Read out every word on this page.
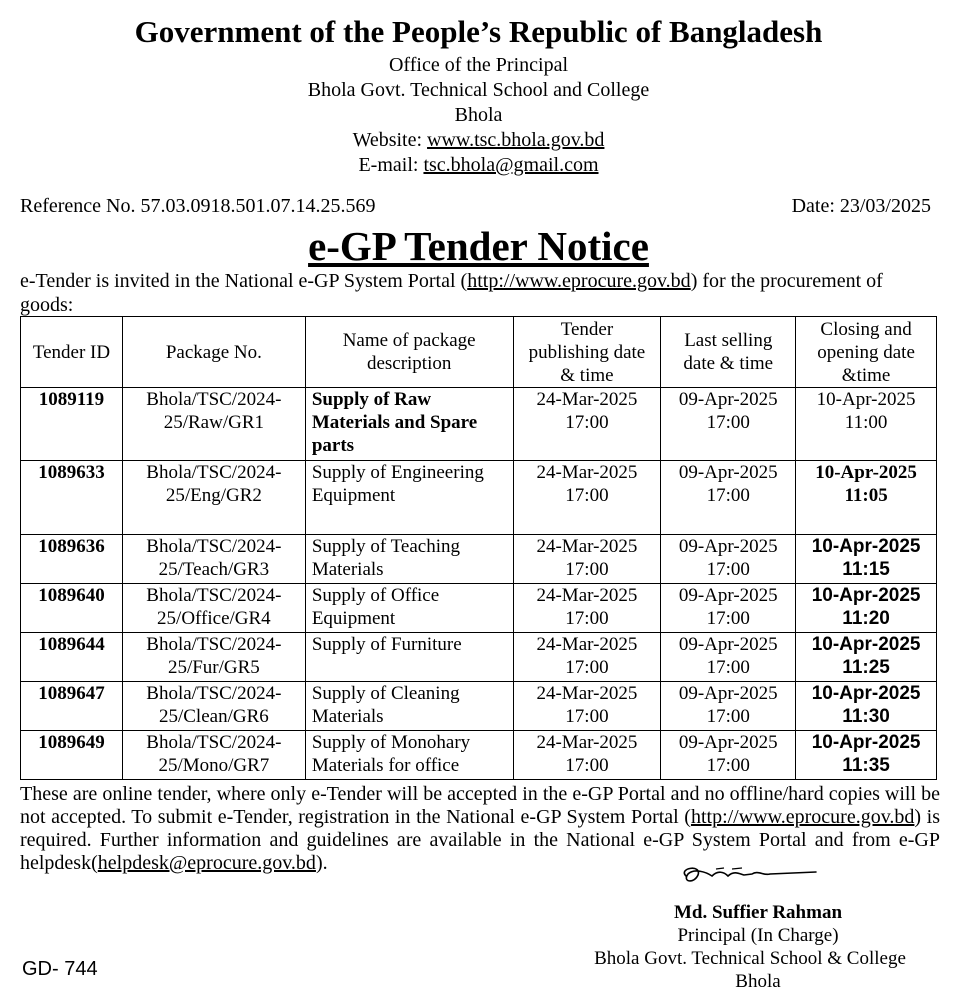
Government of the People’s Republic of Bangladesh
Office of the Principal
Bhola Govt. Technical School and College
Bhola
Website: www.tsc.bhola.gov.bd
E-mail: tsc.bhola@gmail.com
Reference No. 57.03.0918.501.07.14.25.569	Date: 23/03/2025
e-GP Tender Notice
e-Tender is invited in the National e-GP System Portal (http://www.eprocure.gov.bd) for the procurement of goods:
Tender ID	Package No.	Name of package description	Tender publishing date & time	Last selling date & time	Closing and opening date &time
1089119	Bhola/TSC/2024-25/Raw/GR1	Supply of Raw Materials and Spare parts	24-Mar-2025 17:00	09-Apr-2025 17:00	10-Apr-2025 11:00
1089633	Bhola/TSC/2024-25/Eng/GR2	Supply of Engineering Equipment	24-Mar-2025 17:00	09-Apr-2025 17:00	10-Apr-2025 11:05
1089636	Bhola/TSC/2024-25/Teach/GR3	Supply of Teaching Materials	24-Mar-2025 17:00	09-Apr-2025 17:00	10-Apr-2025 11:15
1089640	Bhola/TSC/2024-25/Office/GR4	Supply of Office Equipment	24-Mar-2025 17:00	09-Apr-2025 17:00	10-Apr-2025 11:20
1089644	Bhola/TSC/2024-25/Fur/GR5	Supply of Furniture	24-Mar-2025 17:00	09-Apr-2025 17:00	10-Apr-2025 11:25
1089647	Bhola/TSC/2024-25/Clean/GR6	Supply of Cleaning Materials	24-Mar-2025 17:00	09-Apr-2025 17:00	10-Apr-2025 11:30
1089649	Bhola/TSC/2024-25/Mono/GR7	Supply of Monohary Materials for office	24-Mar-2025 17:00	09-Apr-2025 17:00	10-Apr-2025 11:35
These are online tender, where only e-Tender will be accepted in the e-GP Portal and no offline/hard copies will be not accepted. To submit e-Tender, registration in the National e-GP System Portal (http://www.eprocure.gov.bd) is required. Further information and guidelines are available in the National e-GP System Portal and from e-GP helpdesk(helpdesk@eprocure.gov.bd).
Md. Suffier Rahman
Principal (In Charge)
Bhola Govt. Technical School & College
Bhola
GD- 744
